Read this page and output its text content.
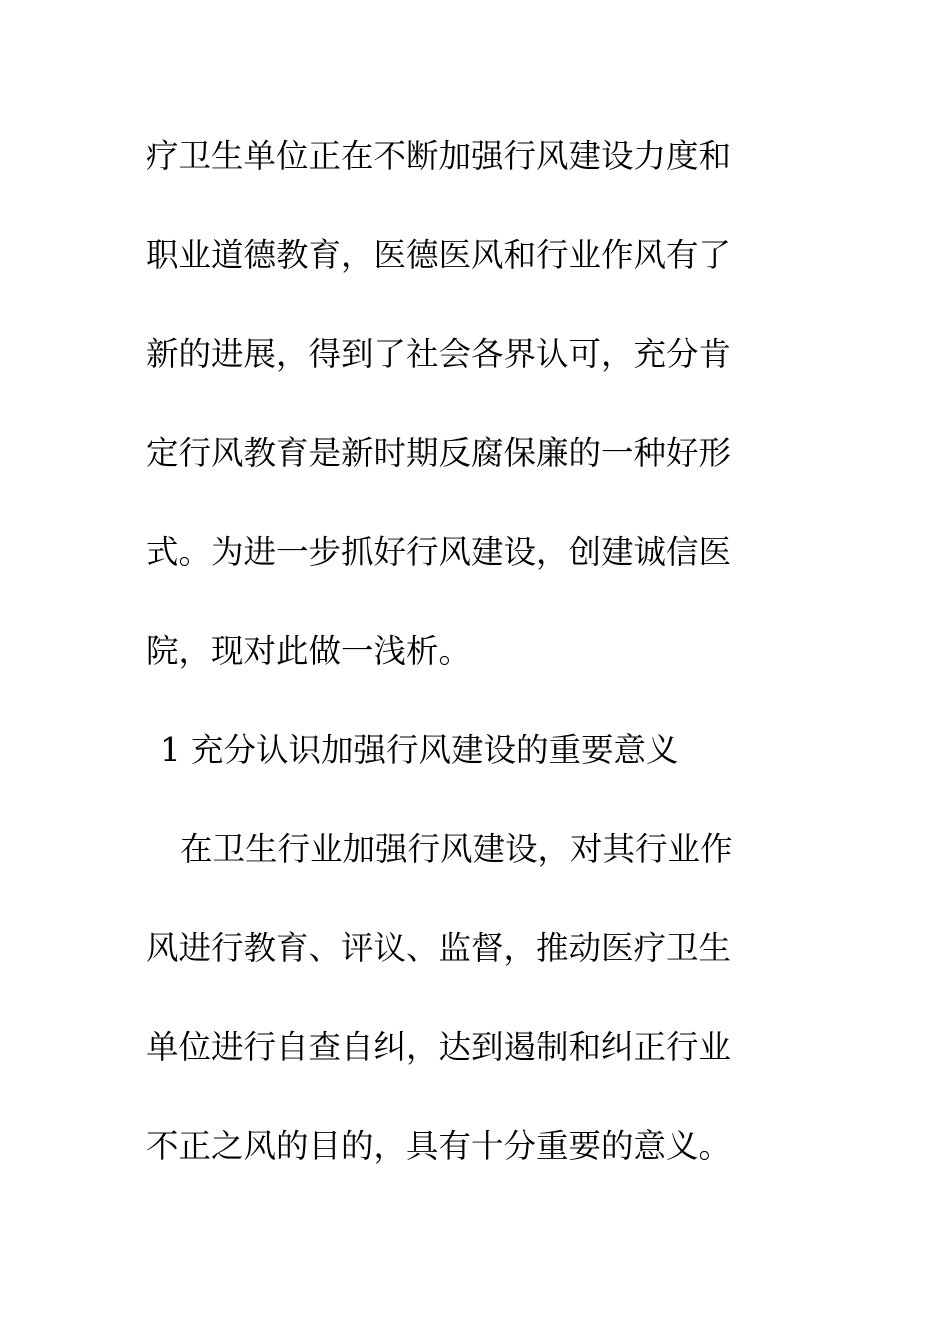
疗卫生单位正在不断加强行风建设力度和
职业道德教育，医德医风和行业作风有了
新的进展，得到了社会各界认可，充分肯
定行风教育是新时期反腐保廉的一种好形
式。为进一步抓好行风建设，创建诚信医
院，现对此做一浅析。
1 充分认识加强行风建设的重要意义
在卫生行业加强行风建设，对其行业作
风进行教育、评议、监督，推动医疗卫生
单位进行自查自纠，达到遏制和纠正行业
不正之风的目的，具有十分重要的意义。
